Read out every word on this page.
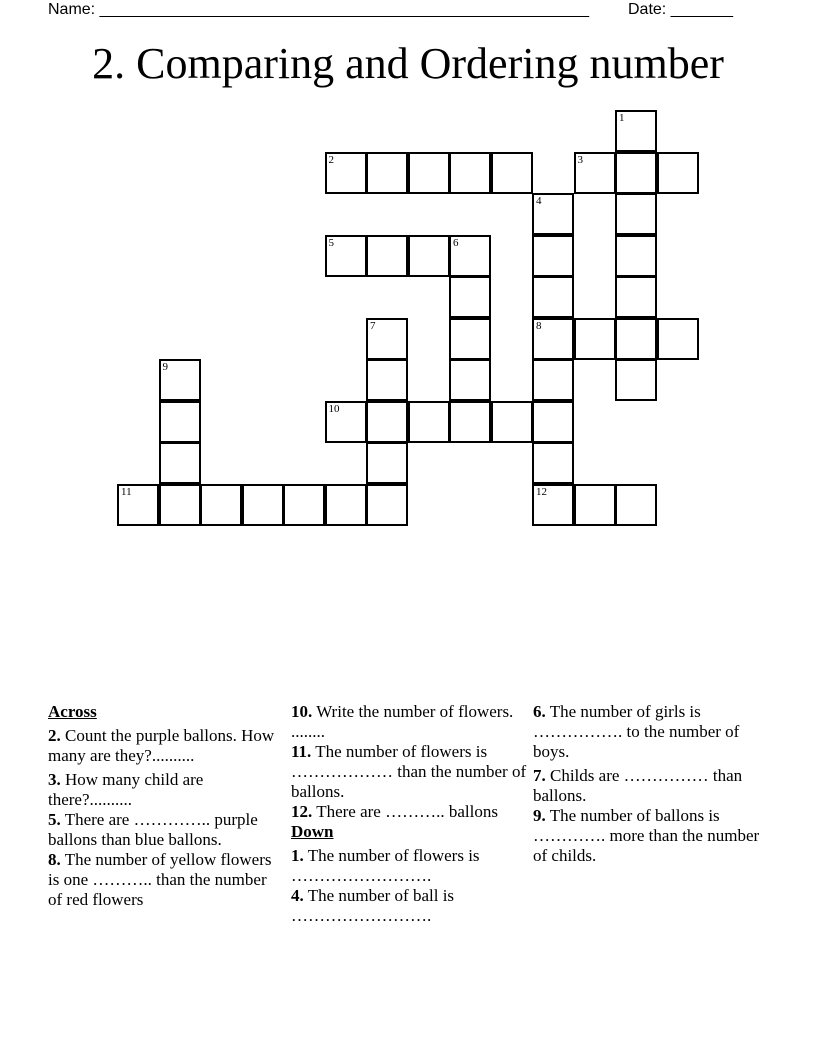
Name: _______________________________________________________ Date: _______
2. Comparing and Ordering number
1
2	3
4
5	6
7	8
9
10
11	12
Across
2. Count the purple ballons. How many are they?..........
3. How many child are there?..........
5. There are ………….. purple ballons than blue ballons.
8. The number of yellow flowers is one ……….. than the number of red flowers
10. Write the number of flowers. ........
11. The number of flowers is ……………… than the number of ballons.
12. There are ……….. ballons
Down
1. The number of flowers is …………………….
4. The number of ball is …………………….
6. The number of girls is ……………. to the number of boys.
7. Childs are …………… than ballons.
9. The number of ballons is …………. more than the number of childs.
